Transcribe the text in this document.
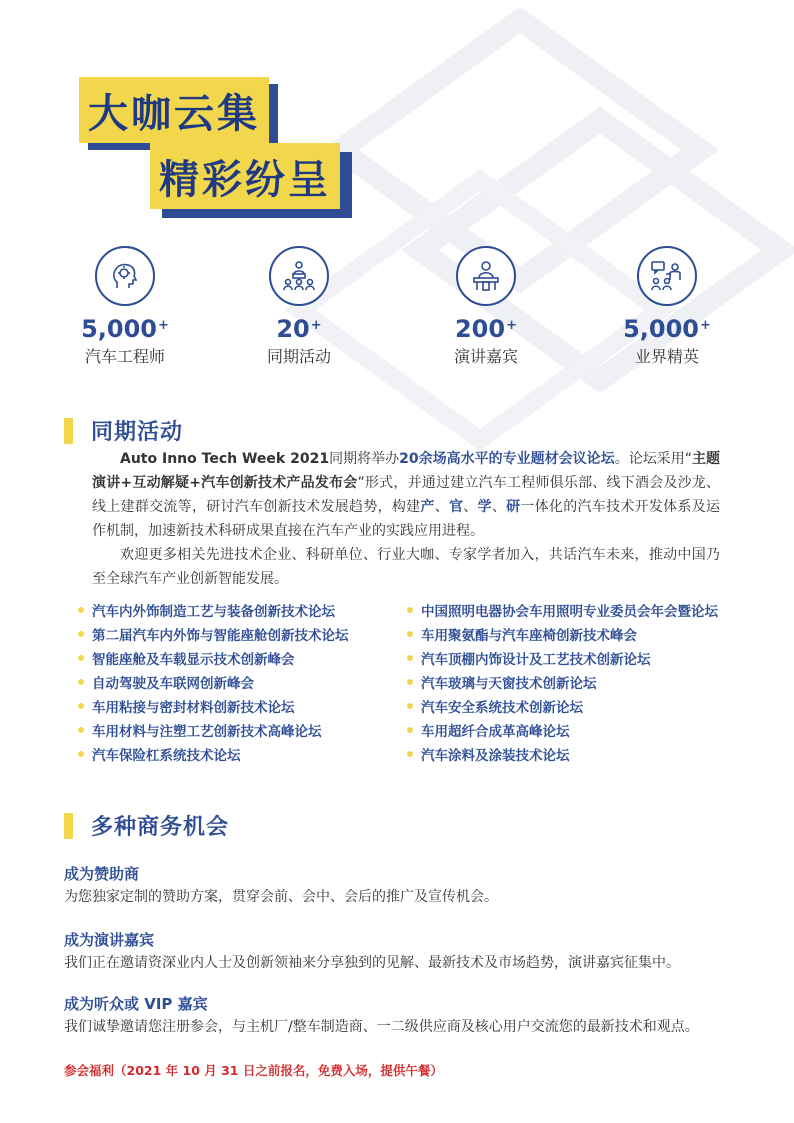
大咖云集
精彩纷呈
5,000+
汽车工程师
20+
同期活动
200+
演讲嘉宾
5,000+
业界精英
同期活动
Auto Inno Tech Week 2021同期将举办20余场高水平的专业题材会议论坛。论坛采用“主题演讲+互动解疑+汽车创新技术产品发布会”形式，并通过建立汽车工程师俱乐部、线下酒会及沙龙、线上建群交流等，研讨汽车创新技术发展趋势，构建产、官、学、研一体化的汽车技术开发体系及运作机制，加速新技术科研成果直接在汽车产业的实践应用进程。
欢迎更多相关先进技术企业、科研单位、行业大咖、专家学者加入，共话汽车未来，推动中国乃至全球汽车产业创新智能发展。
汽车内外饰制造工艺与装备创新技术论坛
第二届汽车内外饰与智能座舱创新技术论坛
智能座舱及车载显示技术创新峰会
自动驾驶及车联网创新峰会
车用粘接与密封材料创新技术论坛
车用材料与注塑工艺创新技术高峰论坛
汽车保险杠系统技术论坛
中国照明电器协会车用照明专业委员会年会暨论坛
车用聚氨酯与汽车座椅创新技术峰会
汽车顶棚内饰设计及工艺技术创新论坛
汽车玻璃与天窗技术创新论坛
汽车安全系统技术创新论坛
车用超纤合成革高峰论坛
汽车涂料及涂装技术论坛
多种商务机会
成为赞助商
为您独家定制的赞助方案，贯穿会前、会中、会后的推广及宣传机会。
成为演讲嘉宾
我们正在邀请资深业内人士及创新领袖来分享独到的见解、最新技术及市场趋势，演讲嘉宾征集中。
成为听众或 VIP 嘉宾
我们诚挚邀请您注册参会，与主机厂/整车制造商、一二级供应商及核心用户交流您的最新技术和观点。
参会福利（2021 年 10 月 31 日之前报名，免费入场，提供午餐）
